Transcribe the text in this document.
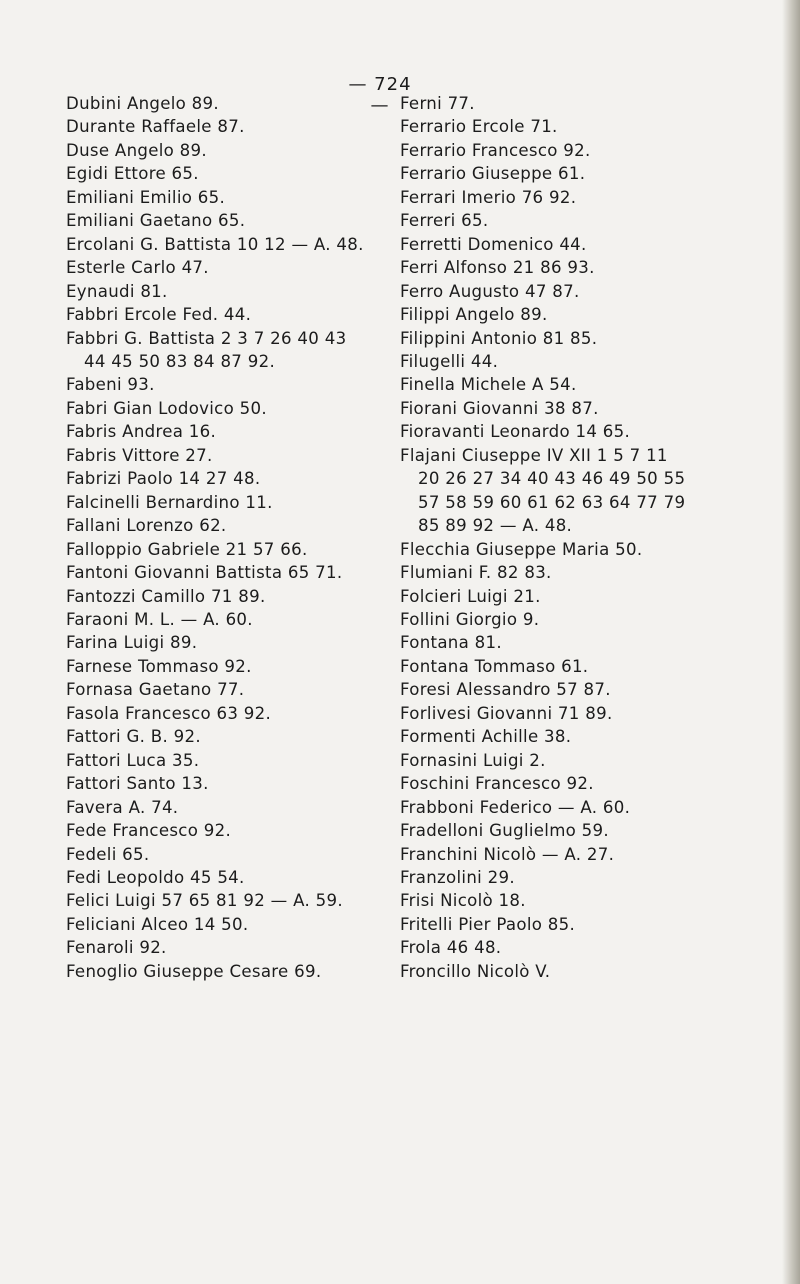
— 724 —
Dubini Angelo 89.
Durante Raffaele 87.
Duse Angelo 89.
Egidi Ettore 65.
Emiliani Emilio 65.
Emiliani Gaetano 65.
Ercolani G. Battista 10 12 — A. 48.
Esterle Carlo 47.
Eynaudi 81.
Fabbri Ercole Fed. 44.
Fabbri G. Battista 2 3 7 26 40 43
44 45 50 83 84 87 92.
Fabeni 93.
Fabri Gian Lodovico 50.
Fabris Andrea 16.
Fabris Vittore 27.
Fabrizi Paolo 14 27 48.
Falcinelli Bernardino 11.
Fallani Lorenzo 62.
Falloppio Gabriele 21 57 66.
Fantoni Giovanni Battista 65 71.
Fantozzi Camillo 71 89.
Faraoni M. L. — A. 60.
Farina Luigi 89.
Farnese Tommaso 92.
Fornasa Gaetano 77.
Fasola Francesco 63 92.
Fattori G. B. 92.
Fattori Luca 35.
Fattori Santo 13.
Favera A. 74.
Fede Francesco 92.
Fedeli 65.
Fedi Leopoldo 45 54.
Felici Luigi 57 65 81 92 — A. 59.
Feliciani Alceo 14 50.
Fenaroli 92.
Fenoglio Giuseppe Cesare 69.
Ferni 77.
Ferrario Ercole 71.
Ferrario Francesco 92.
Ferrario Giuseppe 61.
Ferrari Imerio 76 92.
Ferreri 65.
Ferretti Domenico 44.
Ferri Alfonso 21 86 93.
Ferro Augusto 47 87.
Filippi Angelo 89.
Filippini Antonio 81 85.
Filugelli 44.
Finella Michele A 54.
Fiorani Giovanni 38 87.
Fioravanti Leonardo 14 65.
Flajani Ciuseppe IV XII 1 5 7 11
20 26 27 34 40 43 46 49 50 55
57 58 59 60 61 62 63 64 77 79
85 89 92 — A. 48.
Flecchia Giuseppe Maria 50.
Flumiani F. 82 83.
Folcieri Luigi 21.
Follini Giorgio 9.
Fontana 81.
Fontana Tommaso 61.
Foresi Alessandro 57 87.
Forlivesi Giovanni 71 89.
Formenti Achille 38.
Fornasini Luigi 2.
Foschini Francesco 92.
Frabboni Federico — A. 60.
Fradelloni Guglielmo 59.
Franchini Nicolò — A. 27.
Franzolini 29.
Frisi Nicolò 18.
Fritelli Pier Paolo 85.
Frola 46 48.
Froncillo Nicolò V.
